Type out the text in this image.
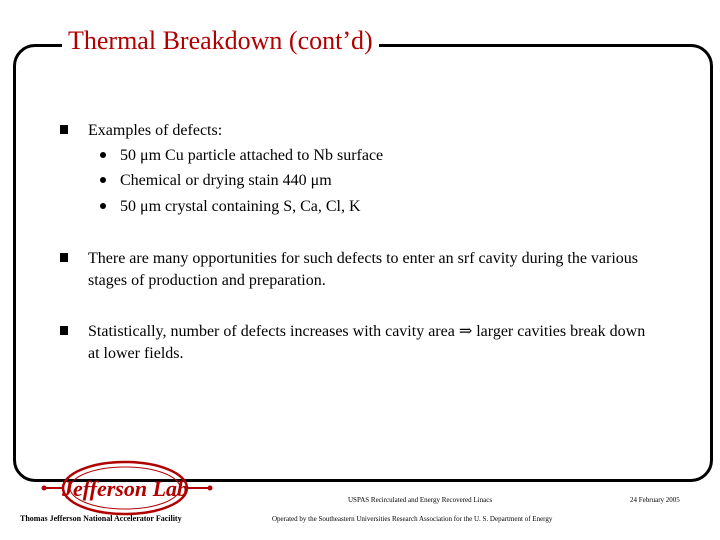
Thermal Breakdown (cont’d)
Examples of defects:
50 μm Cu particle attached to Nb surface
Chemical or drying stain 440 μm
50 μm crystal containing S, Ca, Cl, K
There are many opportunities for such defects to enter an srf cavity during the various stages of production and preparation.
Statistically, number of defects increases with cavity area ⇒ larger cavities break down at lower fields.
Jefferson Lab
Thomas Jefferson National Accelerator Facility
USPAS Recirculated and Energy Recovered Linacs	24 February 2005
Operated by the Southeastern Universities Research Association for the U. S. Department of Energy
